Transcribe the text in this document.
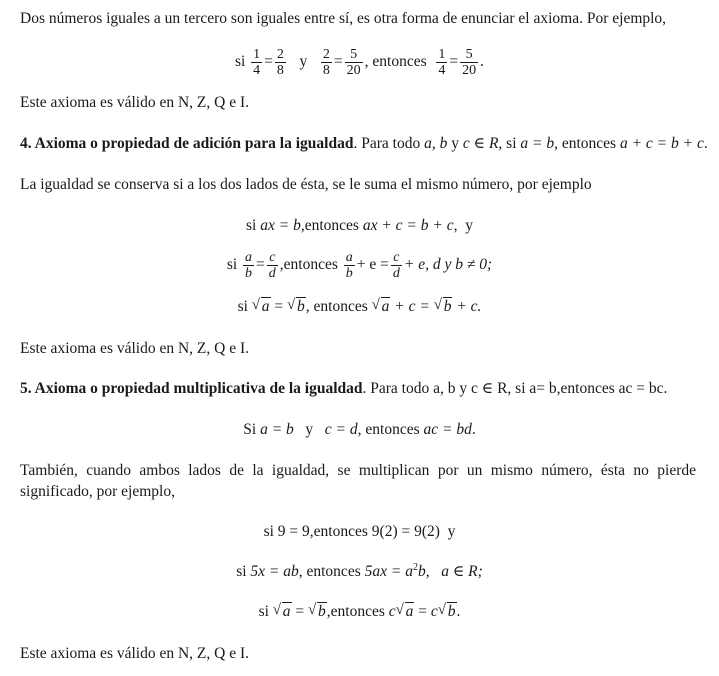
Dos números iguales a un tercero son iguales entre sí, es otra forma de enunciar el axioma. Por ejemplo,
si $\frac{1}{4} = \frac{2}{8}$ y $\frac{2}{8} = \frac{5}{20}$ , entonces $\frac{1}{4} = \frac{5}{20}$ .
Este axioma es válido en N, Z, Q e I.
4. Axioma o propiedad de adición para la igualdad. Para todo a, b y c ∈ R, si a = b, entonces a + c = b + c.
La igualdad se conserva si a los dos lados de ésta, se le suma el mismo número, por ejemplo
si ax = b,entonces ax + c = b + c, y
si $\frac{a}{b} = \frac{c}{d}$ ,entonces $\frac{a}{b} + e = \frac{c}{d} + e$, d y b ≠ 0;
si √ a = √ b, entonces √ a + c = √ b + c.
Este axioma es válido en N, Z, Q e I.
5. Axioma o propiedad multiplicativa de la igualdad. Para todo a, b y c ∈ R, si a= b,entonces ac = bc.
Si a = b y c = d, entonces ac = bd.
También, cuando ambos lados de la igualdad, se multiplican por un mismo número, ésta no pierde significado, por ejemplo,
si 9 = 9,entonces 9(2) = 9(2) y
si 5x = ab, entonces $5ax = a^2b$, a ∈ R;
si √ a = √ b,entonces c √ a = c √ b.
Este axioma es válido en N, Z, Q e I.
